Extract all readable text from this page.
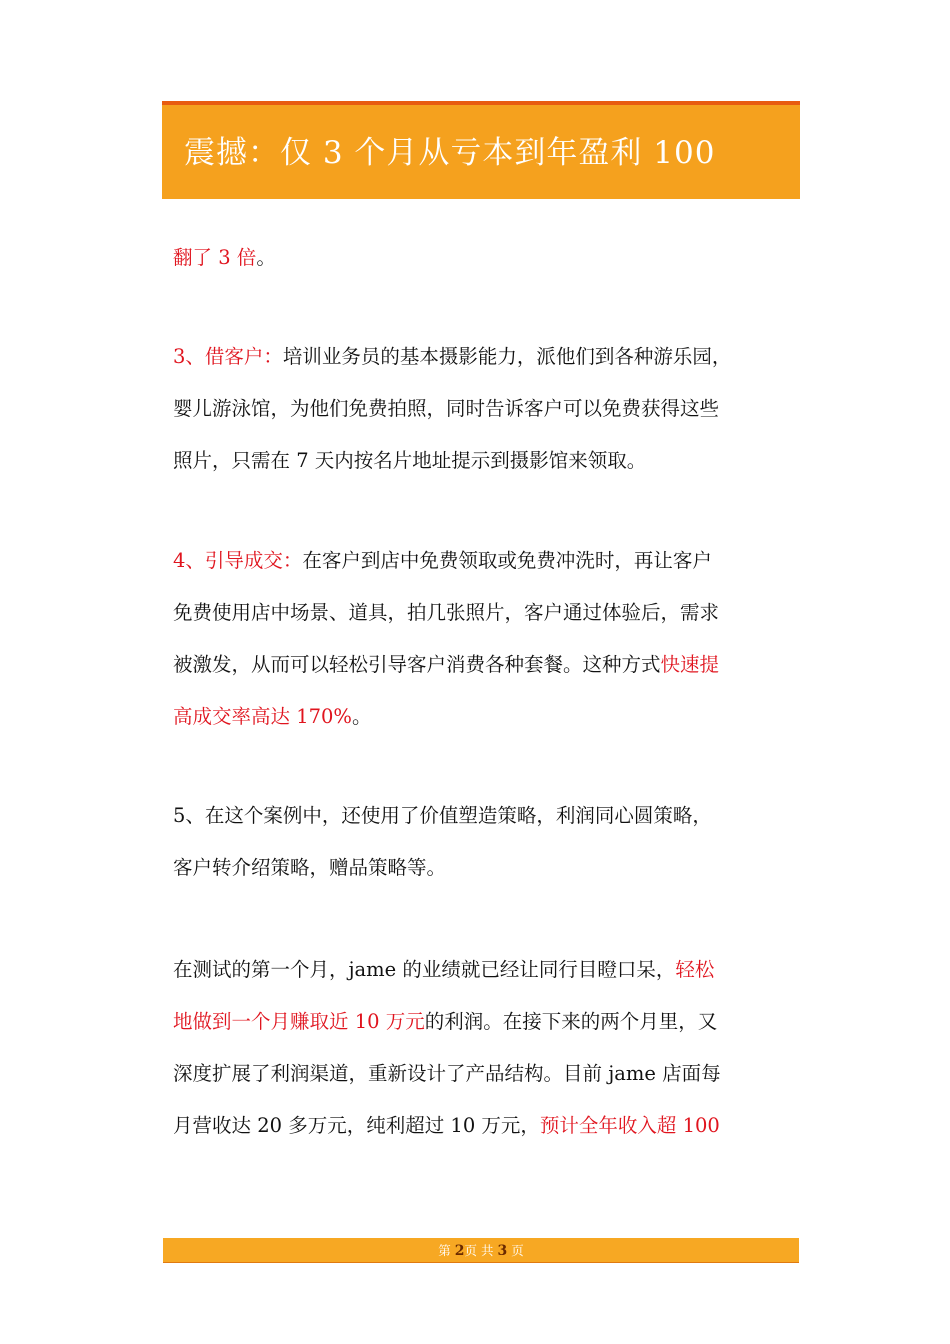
震撼：仅 3 个月从亏本到年盈利 100
翻了 3 倍。
3、借客户：培训业务员的基本摄影能力，派他们到各种游乐园，
婴儿游泳馆，为他们免费拍照，同时告诉客户可以免费获得这些
照片，只需在 7 天内按名片地址提示到摄影馆来领取。
4、引导成交：在客户到店中免费领取或免费冲洗时，再让客户
免费使用店中场景、道具，拍几张照片，客户通过体验后，需求
被激发，从而可以轻松引导客户消费各种套餐。这种方式快速提
高成交率高达 170%。
5、在这个案例中，还使用了价值塑造策略，利润同心圆策略，
客户转介绍策略，赠品策略等。
在测试的第一个月，jame 的业绩就已经让同行目瞪口呆，轻松
地做到一个月赚取近 10 万元的利润。在接下来的两个月里，又
深度扩展了利润渠道，重新设计了产品结构。目前 jame 店面每
月营收达 20 多万元，纯利超过 10 万元，预计全年收入超 100
第 2页 共 3 页
